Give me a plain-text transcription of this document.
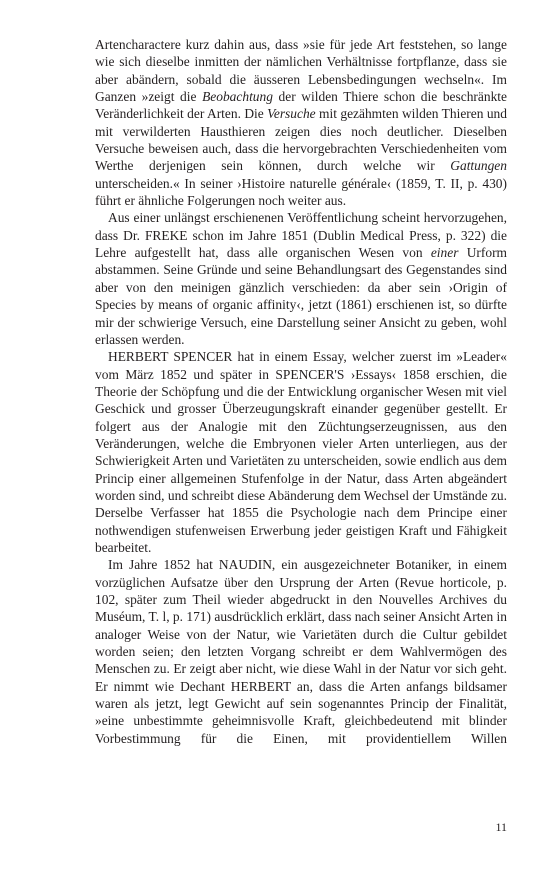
Artencharactere kurz dahin aus, dass »sie für jede Art feststehen, so lange wie sich dieselbe inmitten der nämlichen Verhältnisse fortpflanze, dass sie aber abändern, sobald die äusseren Lebensbedingungen wechseln«. Im Ganzen »zeigt die Beobachtung der wilden Thiere schon die beschränkte Veränderlichkeit der Arten. Die Versuche mit gezähmten wilden Thieren und mit verwilderten Hausthieren zeigen dies noch deutlicher. Dieselben Versuche beweisen auch, dass die hervorgebrachten Verschiedenheiten vom Werthe derjenigen sein können, durch welche wir Gattungen unterscheiden.« In seiner ›Histoire naturelle générale‹ (1859, T. II, p. 430) führt er ähnliche Folgerungen noch weiter aus.

Aus einer unlängst erschienenen Veröffentlichung scheint hervorzugehen, dass Dr. FREKE schon im Jahre 1851 (Dublin Medical Press, p. 322) die Lehre aufgestellt hat, dass alle organischen Wesen von einer Urform abstammen. Seine Gründe und seine Behandlungsart des Gegenstandes sind aber von den meinigen gänzlich verschieden: da aber sein ›Origin of Species by means of organic affinity‹, jetzt (1861) erschienen ist, so dürfte mir der schwierige Versuch, eine Darstellung seiner Ansicht zu geben, wohl erlassen werden.

HERBERT SPENCER hat in einem Essay, welcher zuerst im »Leader« vom März 1852 und später in SPENCER'S ›Essays‹ 1858 erschien, die Theorie der Schöpfung und die der Entwicklung organischer Wesen mit viel Geschick und grosser Überzeugungskraft einander gegenüber gestellt. Er folgert aus der Analogie mit den Züchtungserzeugnissen, aus den Veränderungen, welche die Embryonen vieler Arten unterliegen, aus der Schwierigkeit Arten und Varietäten zu unterscheiden, sowie endlich aus dem Princip einer allgemeinen Stufenfolge in der Natur, dass Arten abgeändert worden sind, und schreibt diese Abänderung dem Wechsel der Umstände zu. Derselbe Verfasser hat 1855 die Psychologie nach dem Principe einer nothwendigen stufenweisen Erwerbung jeder geistigen Kraft und Fähigkeit bearbeitet.

Im Jahre 1852 hat NAUDIN, ein ausgezeichneter Botaniker, in einem vorzüglichen Aufsatze über den Ursprung der Arten (Revue horticole, p. 102, später zum Theil wieder abgedruckt in den Nouvelles Archives du Muséum, T. l, p. 171) ausdrücklich erklärt, dass nach seiner Ansicht Arten in analoger Weise von der Natur, wie Varietäten durch die Cultur gebildet worden seien; den letzten Vorgang schreibt er dem Wahlvermögen des Menschen zu. Er zeigt aber nicht, wie diese Wahl in der Natur vor sich geht. Er nimmt wie Dechant HERBERT an, dass die Arten anfangs bildsamer waren als jetzt, legt Gewicht auf sein sogenanntes Princip der Finalität, »eine unbestimmte geheimnisvolle Kraft, gleichbedeutend mit blinder Vorbestimmung für die Einen, mit providentiellem Willen

11
